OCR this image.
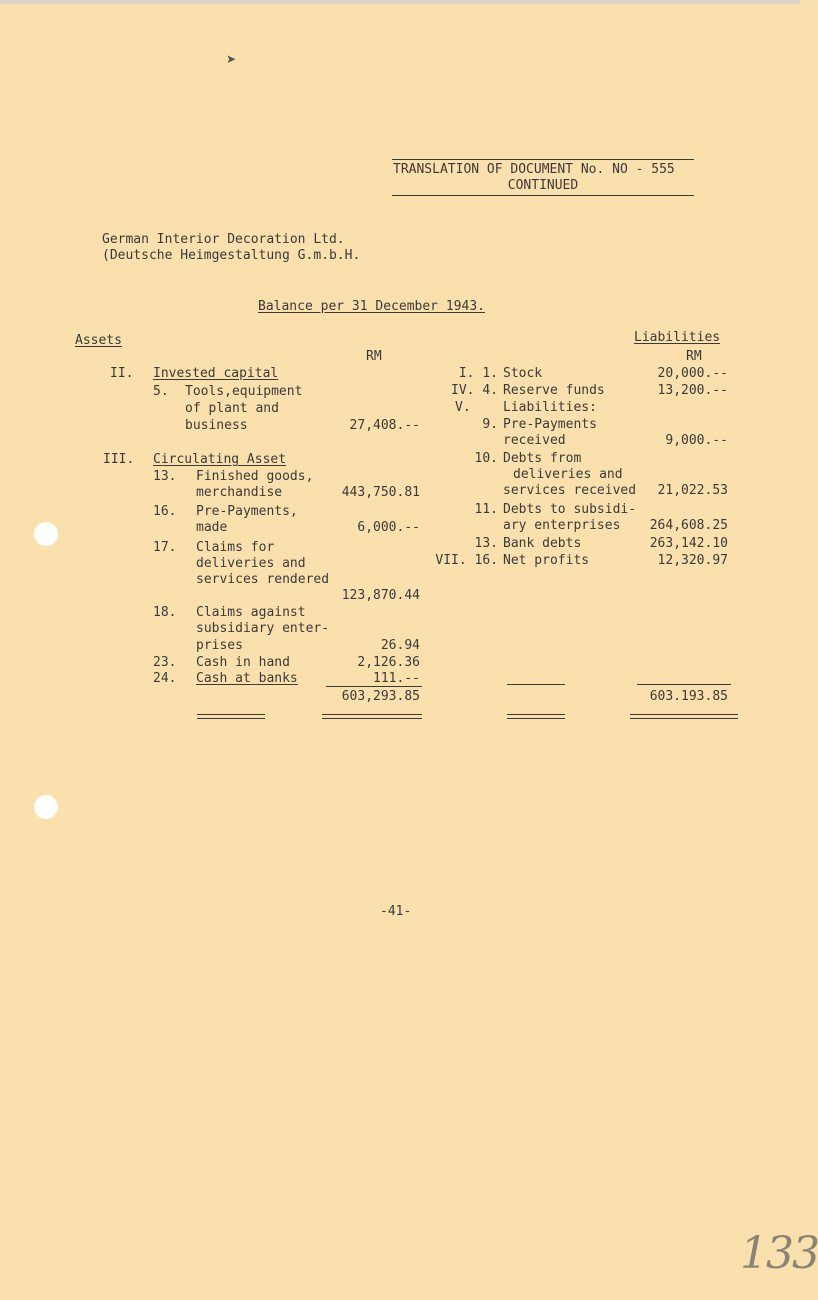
TRANSLATION OF DOCUMENT No. NO - 555
CONTINUED
German Interior Decoration Ltd.
(Deutsche Heimgestaltung G.m.b.H.
Balance per 31 December 1943.
Assets	Liabilities
RM	RM
II. Invested capital
5. Tools,equipment
of plant and
business	27,408.--
III. Circulating Asset
13. Finished goods,
merchandise	443,750.81
16. Pre-Payments,
made	6,000.--
17. Claims for
deliveries and
services rendered
123,870.44
18. Claims against
subsidiary enter-
prises	26.94
23. Cash in hand	2,126.36
24. Cash at banks	111.--
603,293.85
I. 1. Stock	20,000.--
IV. 4. Reserve funds	13,200.--
V. Liabilities:
9. Pre-Payments
received	9,000.--
10. Debts from
deliveries and
services received	21,022.53
11. Debts to subsidi-
ary enterprises	264,608.25
13. Bank debts	263,142.10
VII. 16. Net profits	12,320.97
603.193.85
-41-
➤
133
